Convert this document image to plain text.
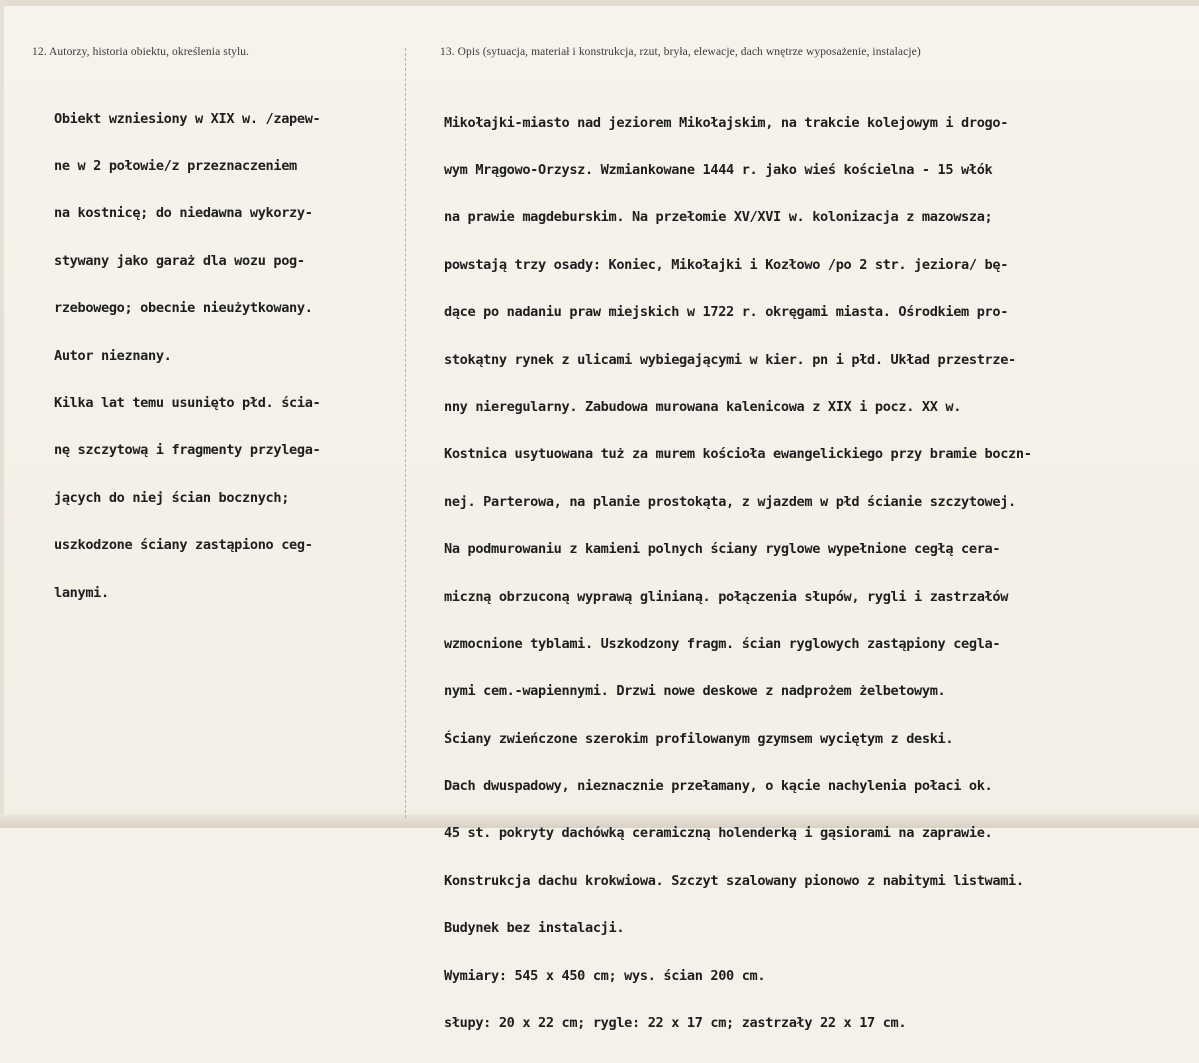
12. Autorzy, historia obiektu, określenia stylu.	13. Opis (sytuacja, materiał i konstrukcja, rzut, bryła, elewacje, dach wnętrze wyposażenie, instalacje)

Obiekt wzniesiony w XIX w. /zapew-

ne w 2 połowie/z przeznaczeniem

na kostnicę; do niedawna wykorzy-

stywany jako garaż dla wozu pog-

rzebowego; obecnie nieużytkowany.

Autor nieznany.

Kilka lat temu usunięto płd. ścia-

nę szczytową i fragmenty przylega-

jących do niej ścian bocznych;

uszkodzone ściany zastąpiono ceg-

lanymi.

Mikołajki-miasto nad jeziorem Mikołajskim, na trakcie kolejowym i drogo-

wym Mrągowo-Orzysz. Wzmiankowane 1444 r. jako wieś kościelna - 15 włók

na prawie magdeburskim. Na przełomie XV/XVI w. kolonizacja z mazowsza;

powstają trzy osady: Koniec, Mikołajki i Kozłowo /po 2 str. jeziora/ bę-

dące po nadaniu praw miejskich w 1722 r. okręgami miasta. Ośrodkiem pro-

stokątny rynek z ulicami wybiegającymi w kier. pn i płd. Układ przestrze-

nny nieregularny. Zabudowa murowana kalenicowa z XIX i pocz. XX w.

Kostnica usytuowana tuż za murem kościoła ewangelickiego przy bramie boczn-

nej. Parterowa, na planie prostokąta, z wjazdem w płd ścianie szczytowej.

Na podmurowaniu z kamieni polnych ściany ryglowe wypełnione cegłą cera-

miczną obrzuconą wyprawą glinianą. połączenia słupów, rygli i zastrzałów

wzmocnione tyblami. Uszkodzony fragm. ścian ryglowych zastąpiony cegla-

nymi cem.-wapiennymi. Drzwi nowe deskowe z nadprożem żelbetowym.

Ściany zwieńczone szerokim profilowanym gzymsem wyciętym z deski.

Dach dwuspadowy, nieznacznie przełamany, o kącie nachylenia połaci ok.

45 st. pokryty dachówką ceramiczną holenderką i gąsiorami na zaprawie.

Konstrukcja dachu krokwiowa. Szczyt szalowany pionowo z nabitymi listwami.

Budynek bez instalacji.

Wymiary: 545 x 450 cm; wys. ścian 200 cm.

słupy: 20 x 22 cm; rygle: 22 x 17 cm; zastrzały 22 x 17 cm.
